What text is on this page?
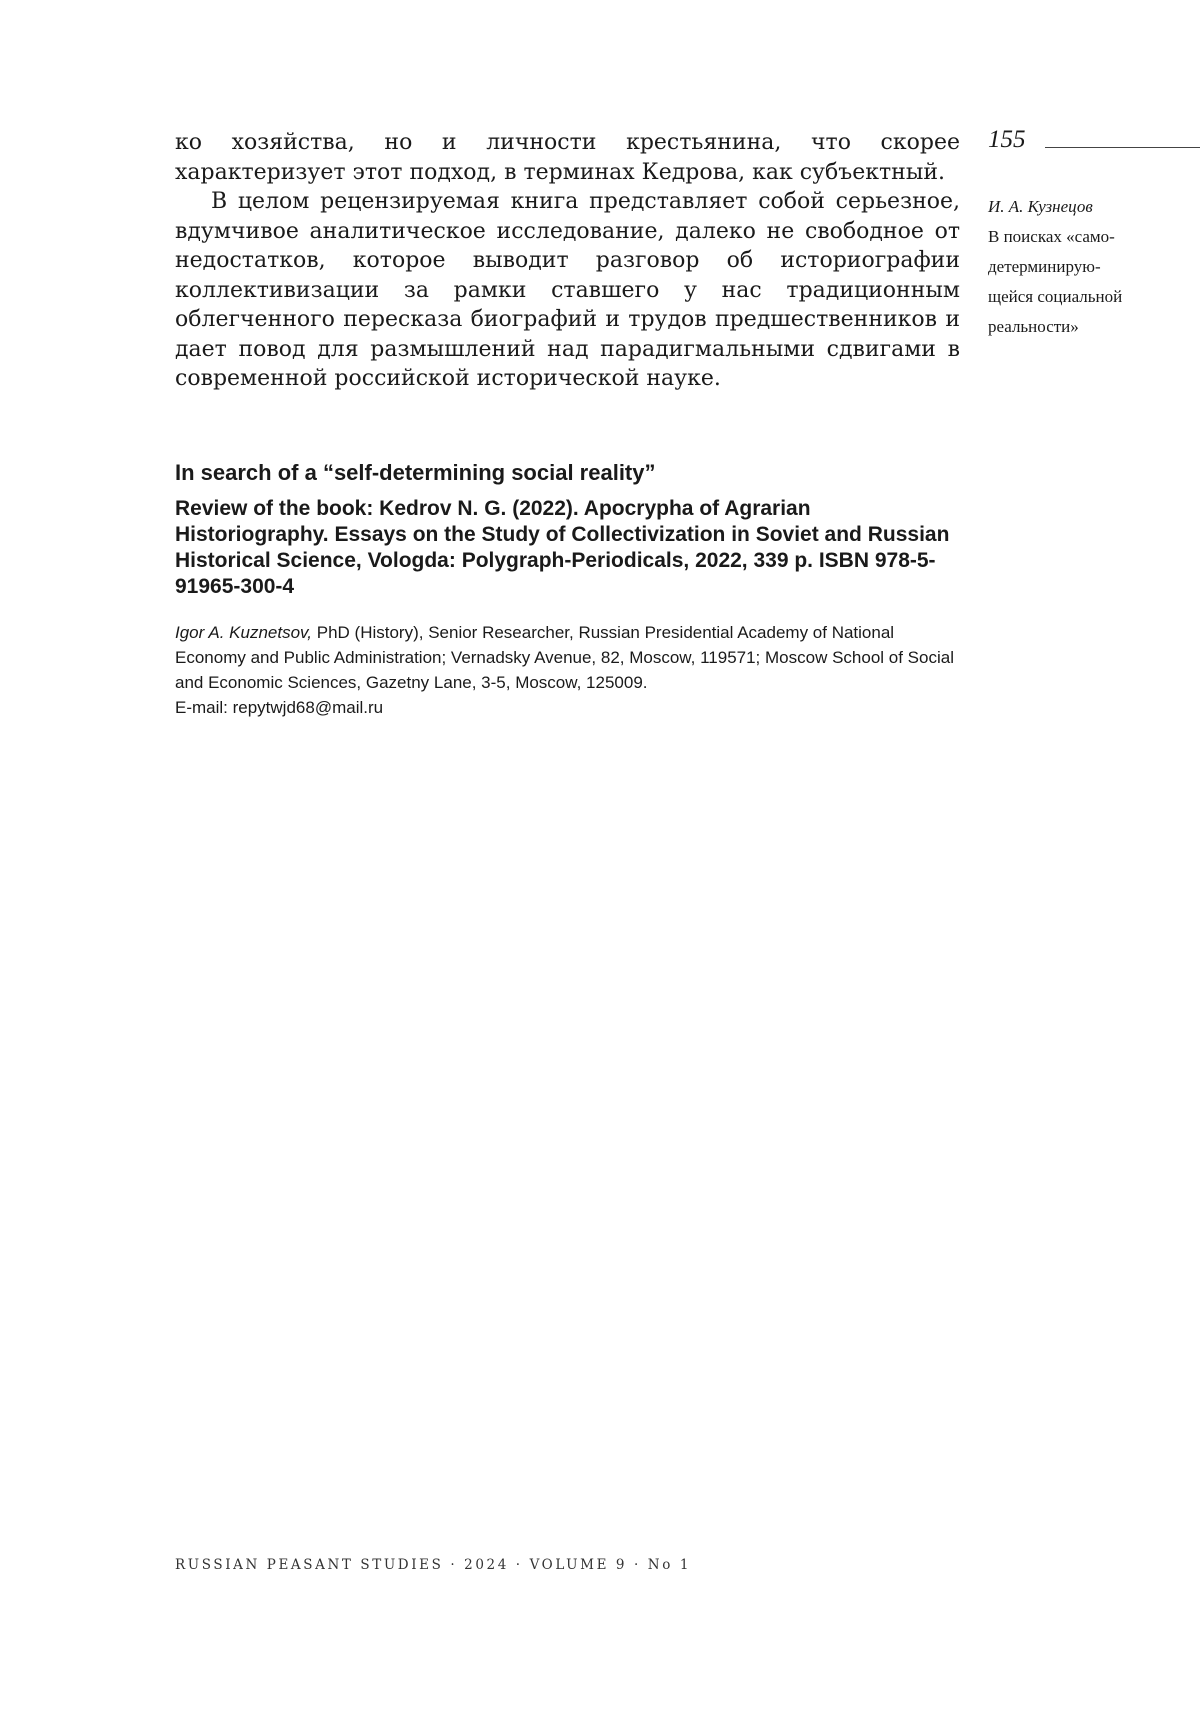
ко хозяйства, но и личности крестьянина, что скорее характеризует этот подход, в терминах Кедрова, как субъектный.

В целом рецензируемая книга представляет собой серьезное, вдумчивое аналитическое исследование, далеко не свободное от недостатков, которое выводит разговор об историографии коллективизации за рамки ставшего у нас традиционным облегченного пересказа биографий и трудов предшественников и дает повод для размышлений над парадигмальными сдвигами в современной российской исторической науке.

155
И. А. Кузнецов
В поисках «само-
детерминирую-
щейся социальной
реальности»
In search of a “self-determining social reality”
Review of the book: Kedrov N. G. (2022). Apocrypha of Agrarian Historiography. Essays on the Study of Collectivization in Soviet and Russian Historical Science, Vologda: Polygraph-Periodicals, 2022, 339 p. ISBN 978-5-91965-300-4

Igor A. Kuznetsov, PhD (History), Senior Researcher, Russian Presidential Academy of National Economy and Public Administration; Vernadsky Avenue, 82, Moscow, 119571; Moscow School of Social and Economic Sciences, Gazetny Lane, 3-5, Moscow, 125009.
E-mail: repytwjd68@mail.ru

RUSSIAN PEASANT STUDIES · 2024 · VOLUME 9 · No 1
